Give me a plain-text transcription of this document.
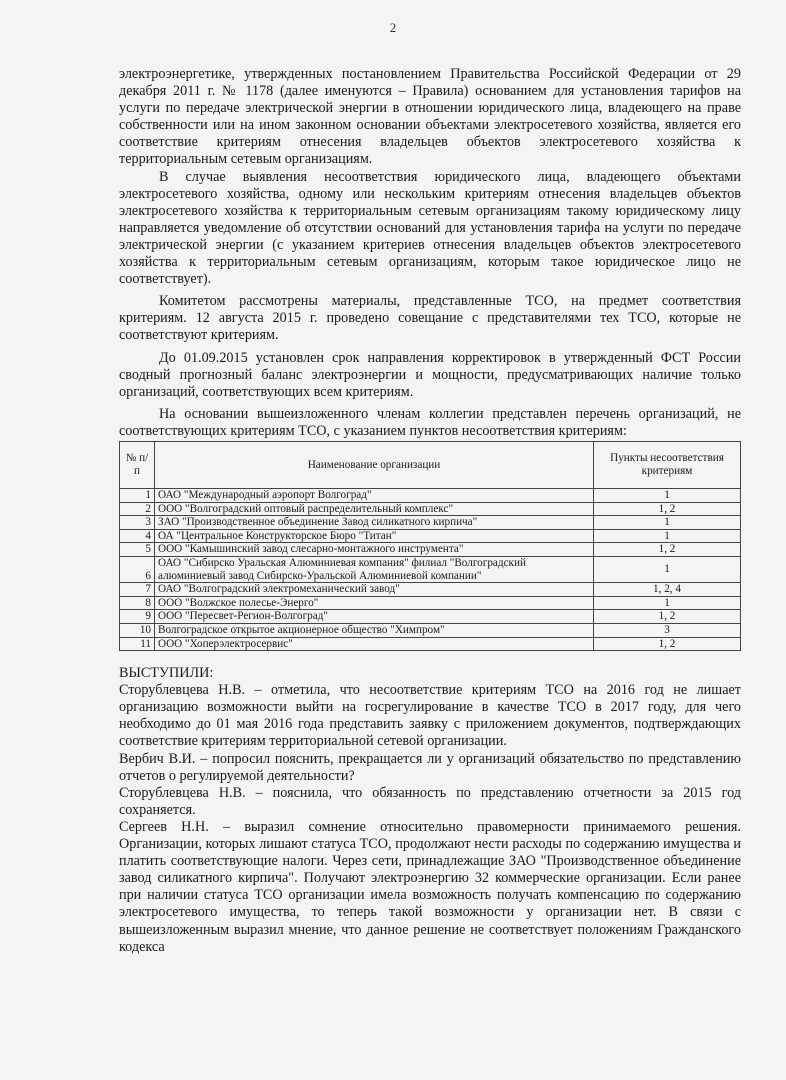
2

электроэнергетике, утвержденных постановлением Правительства Российской Федерации от 29 декабря 2011 г. № 1178 (далее именуются – Правила) основанием для установления тарифов на услуги по передаче электрической энергии в отношении юридического лица, владеющего на праве собственности или на ином законном основании объектами электросетевого хозяйства, является его соответствие критериям отнесения владельцев объектов электросетевого хозяйства к территориальным сетевым организациям.

В случае выявления несоответствия юридического лица, владеющего объектами электросетевого хозяйства, одному или нескольким критериям отнесения владельцев объектов электросетевого хозяйства к территориальным сетевым организациям такому юридическому лицу направляется уведомление об отсутствии оснований для установления тарифа на услуги по передаче электрической энергии (с указанием критериев отнесения владельцев объектов электросетевого хозяйства к территориальным сетевым организациям, которым такое юридическое лицо не соответствует).

Комитетом рассмотрены материалы, представленные ТСО, на предмет соответствия критериям. 12 августа 2015 г. проведено совещание с представителями тех ТСО, которые не соответствуют критериям.

До 01.09.2015 установлен срок направления корректировок в утвержденный ФСТ России сводный прогнозный баланс электроэнергии и мощности, предусматривающих наличие только организаций, соответствующих всем критериям.

На основании вышеизложенного членам коллегии представлен перечень организаций, не соответствующих критериям ТСО, с указанием пунктов несоответствия критериям:

№ п/п	Наименование организации	Пункты несоответствия критериям
1	ОАО "Международный аэропорт Волгоград"	1
2	ООО "Волгоградский оптовый распределительный комплекс"	1, 2
3	ЗАО "Производственное объединение Завод силикатного кирпича"	1
4	ОА "Центральное Конструкторское Бюро "Титан"	1
5	ООО "Камышинский завод слесарно-монтажного инструмента"	1, 2
6	ОАО "Сибирско Уральская Алюминиевая компания" филиал "Волгоградский алюминиевый завод Сибирско-Уральской Алюминиевой компании"	1
7	ОАО "Волгоградский электромеханический завод"	1, 2, 4
8	ООО "Волжское полесье-Энерго"	1
9	ООО "Пересвет-Регион-Волгоград"	1, 2
10	Волгоградское открытое акционерное общество "Химпром"	3
11	ООО "Хоперэлектросервис"	1, 2

ВЫСТУПИЛИ:

Сторублевцева Н.В. – отметила, что несоответствие критериям ТСО на 2016 год не лишает организацию возможности выйти на госрегулирование в качестве ТСО в 2017 году, для чего необходимо до 01 мая 2016 года представить заявку с приложением документов, подтверждающих соответствие критериям территориальной сетевой организации.

Вербич В.И. – попросил пояснить, прекращается ли у организаций обязательство по представлению отчетов о регулируемой деятельности?

Сторублевцева Н.В. – пояснила, что обязанность по представлению отчетности за 2015 год сохраняется.

Сергеев Н.Н. – выразил сомнение относительно правомерности принимаемого решения. Организации, которых лишают статуса ТСО, продолжают нести расходы по содержанию имущества и платить соответствующие налоги. Через сети, принадлежащие ЗАО "Производственное объединение завод силикатного кирпича". Получают электроэнергию 32 коммерческие организации. Если ранее при наличии статуса ТСО организации имела возможность получать компенсацию по содержанию электросетевого имущества, то теперь такой возможности у организации нет. В связи с вышеизложенным выразил мнение, что данное решение не соответствует положениям Гражданского кодекса
